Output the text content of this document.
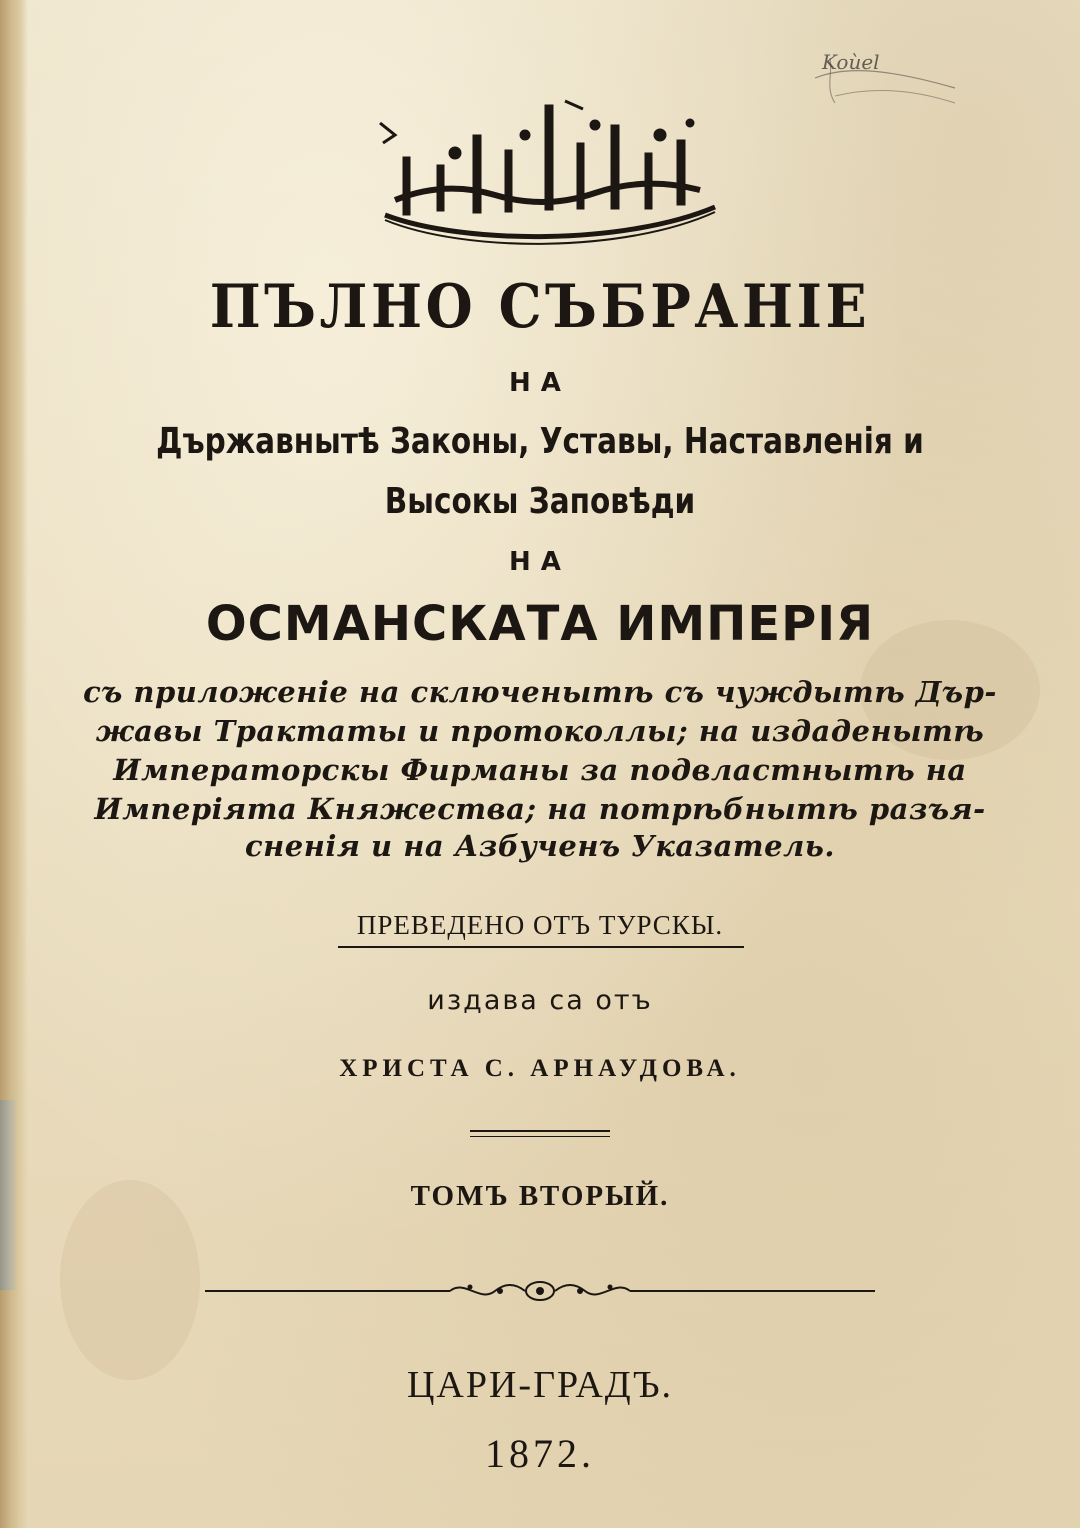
Koùel
ПЪЛНО СЪБРАНІЕ
НА
Държавнытѣ Законы, Уставы, Наставленія и
Высокы Заповѣди
НА
ОСМАНСКАТА ИМПЕРІЯ
съ приложеніе на сключенытѣ съ чуждытѣ Дър-
жавы Трактаты и протоколлы; на издаденытѣ
Императорскы Фирманы за подвластнытѣ на
Имперіята Княжества; на потрѣбнытѣ разъя-
сненія и на Азбученъ Указатель.
ПРЕВЕДЕНО ОТЪ ТУРСКЫ.
издава са отъ
ХРИСТА С. АРНАУДОВА.
ТОМЪ ВТОРЫЙ.
ЦАРИ-ГРАДЪ.
1872.
